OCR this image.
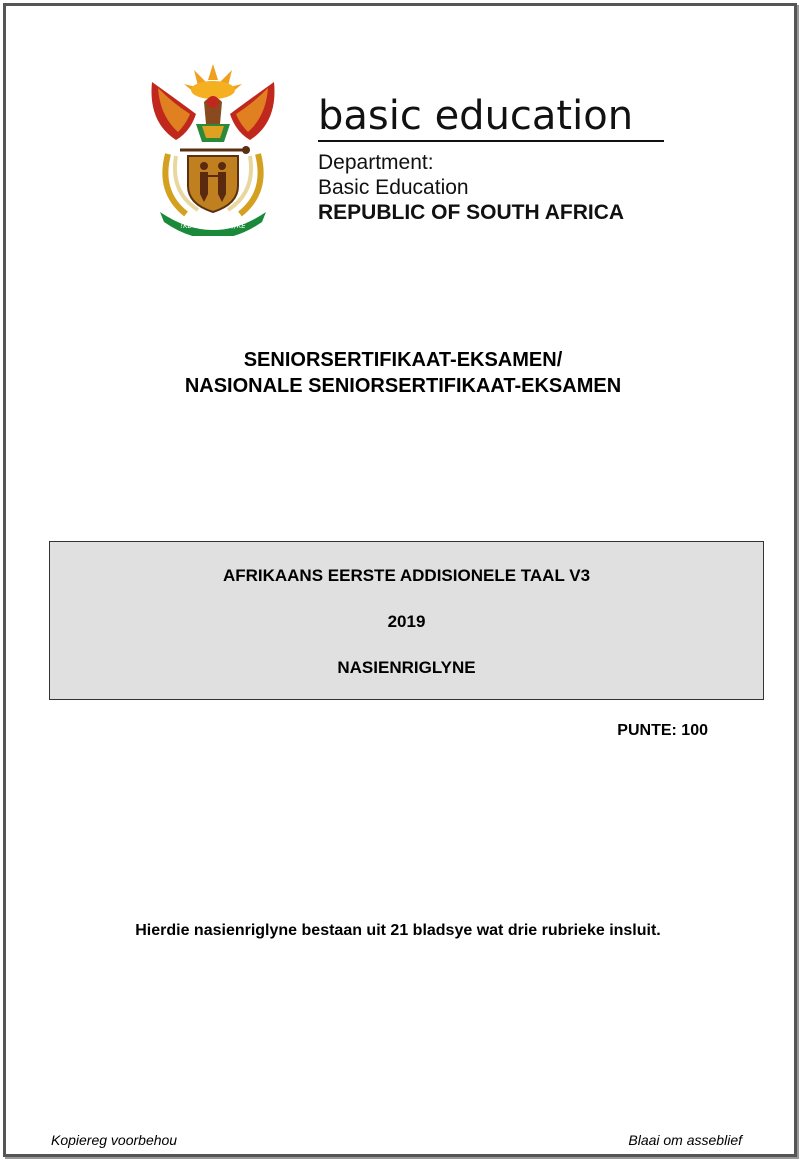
!KE E: /XARRA //KE
basic education
Department:
Basic Education
REPUBLIC OF SOUTH AFRICA
SENIORSERTIFIKAAT-EKSAMEN/
NASIONALE SENIORSERTIFIKAAT-EKSAMEN
AFRIKAANS EERSTE ADDISIONELE TAAL V3
2019
NASIENRIGLYNE
PUNTE: 100
Hierdie nasienriglyne bestaan uit 21 bladsye wat drie rubrieke insluit.
Kopiereg voorbehou	Blaai om asseblief
